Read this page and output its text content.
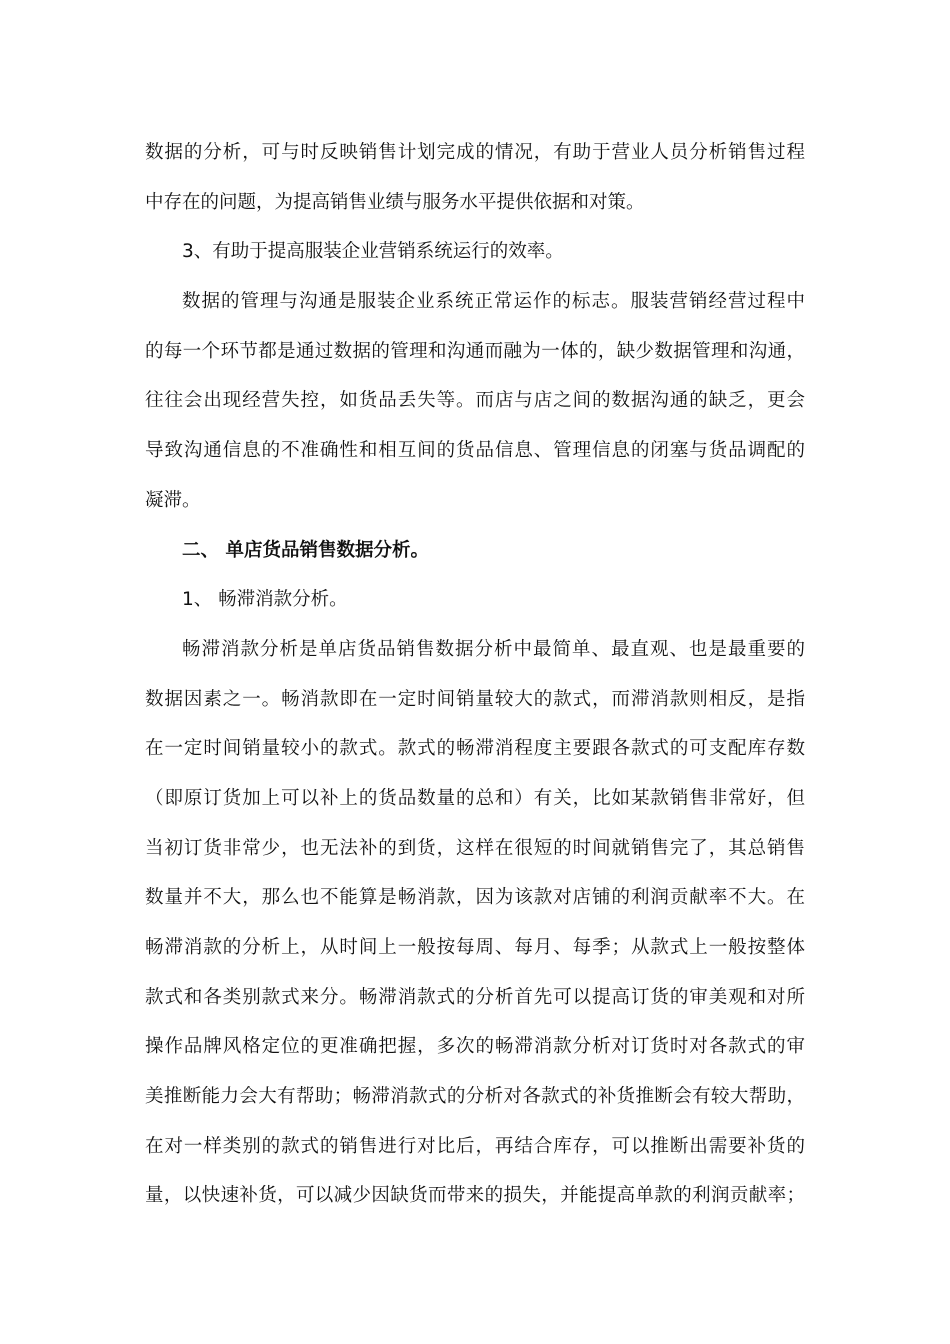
数据的分析，可与时反映销售计划完成的情况，有助于营业人员分析销售过程
中存在的问题，为提高销售业绩与服务水平提供依据和对策。
3、有助于提高服装企业营销系统运行的效率。
数据的管理与沟通是服装企业系统正常运作的标志。服装营销经营过程中
的每一个环节都是通过数据的管理和沟通而融为一体的，缺少数据管理和沟通，
往往会出现经营失控，如货品丢失等。而店与店之间的数据沟通的缺乏，更会
导致沟通信息的不准确性和相互间的货品信息、管理信息的闭塞与货品调配的
凝滞。
二、 单店货品销售数据分析。
1、 畅滞消款分析。
畅滞消款分析是单店货品销售数据分析中最简单、最直观、也是最重要的
数据因素之一。畅消款即在一定时间销量较大的款式，而滞消款则相反，是指
在一定时间销量较小的款式。款式的畅滞消程度主要跟各款式的可支配库存数
（即原订货加上可以补上的货品数量的总和）有关，比如某款销售非常好，但
当初订货非常少，也无法补的到货，这样在很短的时间就销售完了，其总销售
数量并不大，那么也不能算是畅消款，因为该款对店铺的利润贡献率不大。在
畅滞消款的分析上，从时间上一般按每周、每月、每季；从款式上一般按整体
款式和各类别款式来分。畅滞消款式的分析首先可以提高订货的审美观和对所
操作品牌风格定位的更准确把握，多次的畅滞消款分析对订货时对各款式的审
美推断能力会大有帮助；畅滞消款式的分析对各款式的补货推断会有较大帮助，
在对一样类别的款式的销售进行对比后，再结合库存，可以推断出需要补货的
量，以快速补货，可以减少因缺货而带来的损失，并能提高单款的利润贡献率；
